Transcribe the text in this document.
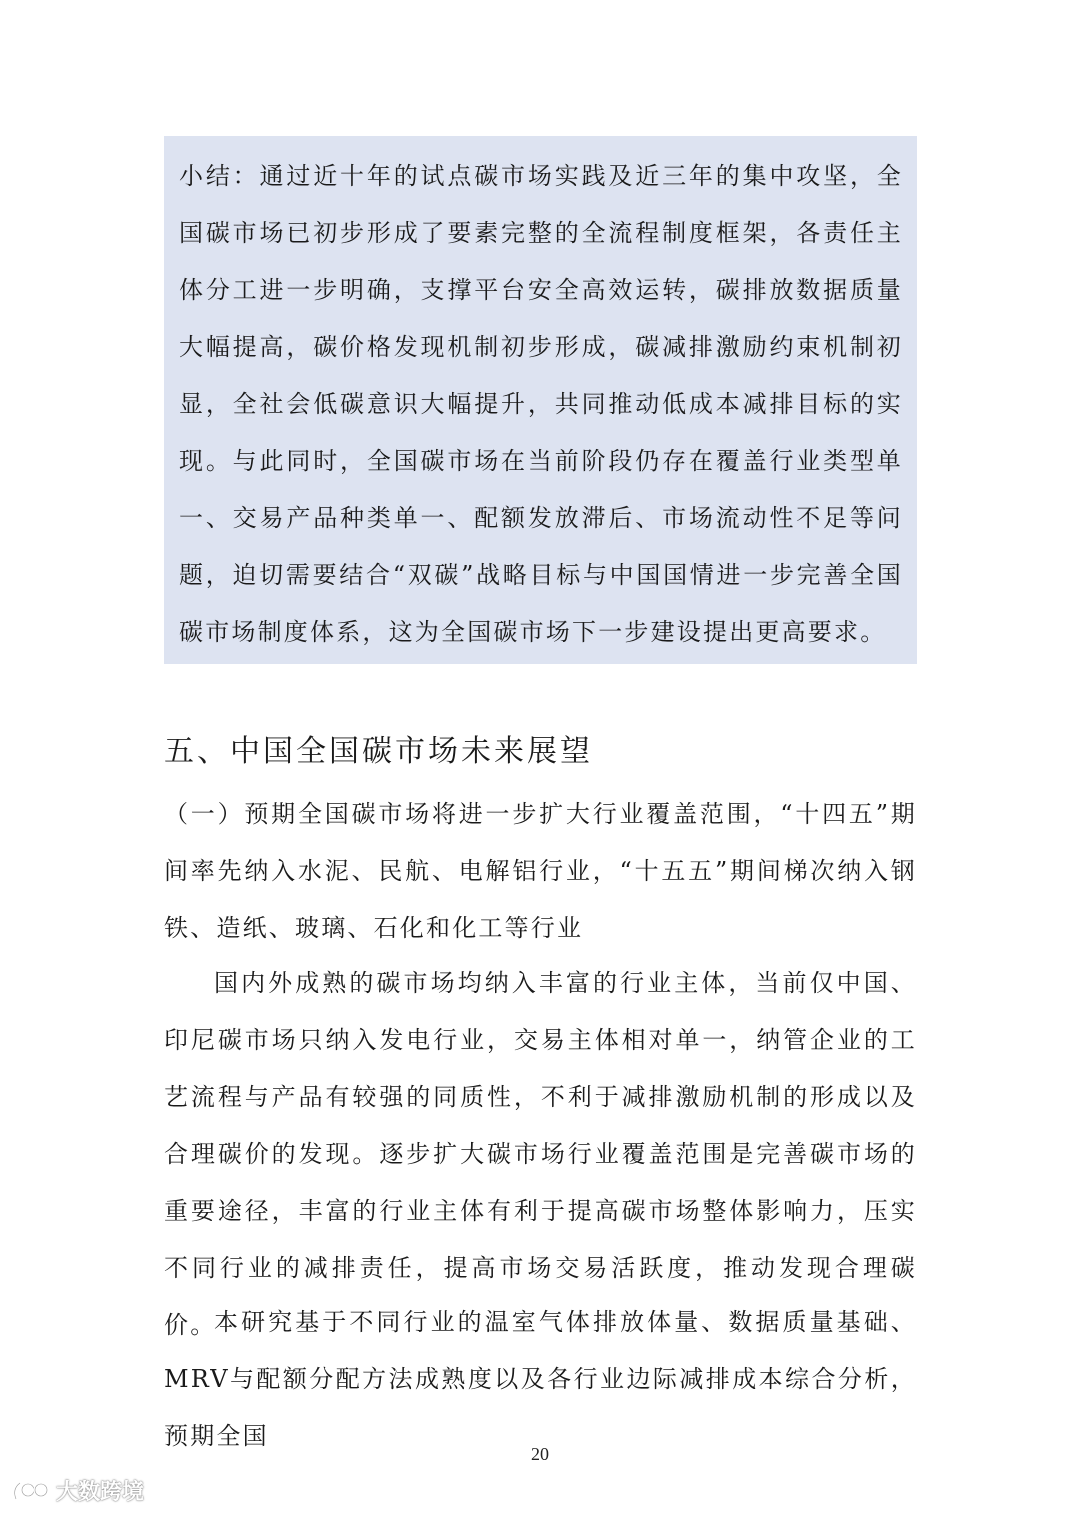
小结：通过近十年的试点碳市场实践及近三年的集中攻坚，全国碳市场已初步形成了要素完整的全流程制度框架，各责任主体分工进一步明确，支撑平台安全高效运转，碳排放数据质量大幅提高，碳价格发现机制初步形成，碳减排激励约束机制初显，全社会低碳意识大幅提升，共同推动低成本减排目标的实现。与此同时，全国碳市场在当前阶段仍存在覆盖行业类型单一、交易产品种类单一、配额发放滞后、市场流动性不足等问题，迫切需要结合“双碳”战略目标与中国国情进一步完善全国碳市场制度体系，这为全国碳市场下一步建设提出更高要求。

五、中国全国碳市场未来展望

（一）预期全国碳市场将进一步扩大行业覆盖范围，“十四五”期间率先纳入水泥、民航、电解铝行业，“十五五”期间梯次纳入钢铁、造纸、玻璃、石化和化工等行业

国内外成熟的碳市场均纳入丰富的行业主体，当前仅中国、印尼碳市场只纳入发电行业，交易主体相对单一，纳管企业的工艺流程与产品有较强的同质性，不利于减排激励机制的形成以及合理碳价的发现。逐步扩大碳市场行业覆盖范围是完善碳市场的重要途径，丰富的行业主体有利于提高碳市场整体影响力，压实不同行业的减排责任，提高市场交易活跃度，推动发现合理碳价。

本研究基于不同行业的温室气体排放体量、数据质量基础、MRV与配额分配方法成熟度以及各行业边际减排成本综合分析，预期全国

20
大数跨境
